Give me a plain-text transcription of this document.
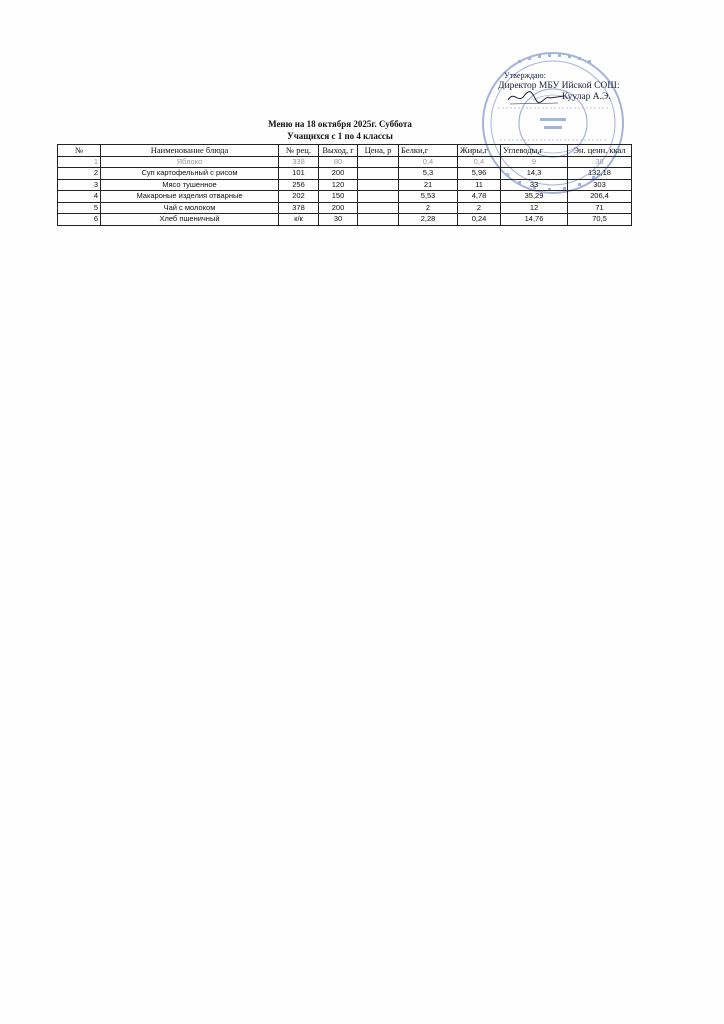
Утверждаю:
Директор МБУ Ийской СОШ:
Куулар А.Э.
Меню на 18 октября 2025г. Суббота
Учащихся с 1 по 4 классы
№	Наименование блюда	№ рец.	Выход, г	Цена, р	Белки,г	Жиры,г	Углеводы,г	Эн. ценн. ккал
1	Яблоко	338	80		0,4	0,4	9	38
2	Суп картофельный с рисом	101	200		5,3	5,96	14,3	132,18
3	Мясо тушенное	256	120		21	11	33	303
4	Макароные изделия отварные	202	150		5,53	4,78	35,29	206,4
5	Чай с молоком	378	200		2	2	12	71
6	Хлеб пшеничный	к/к	30		2,28	0,24	14,76	70,5
